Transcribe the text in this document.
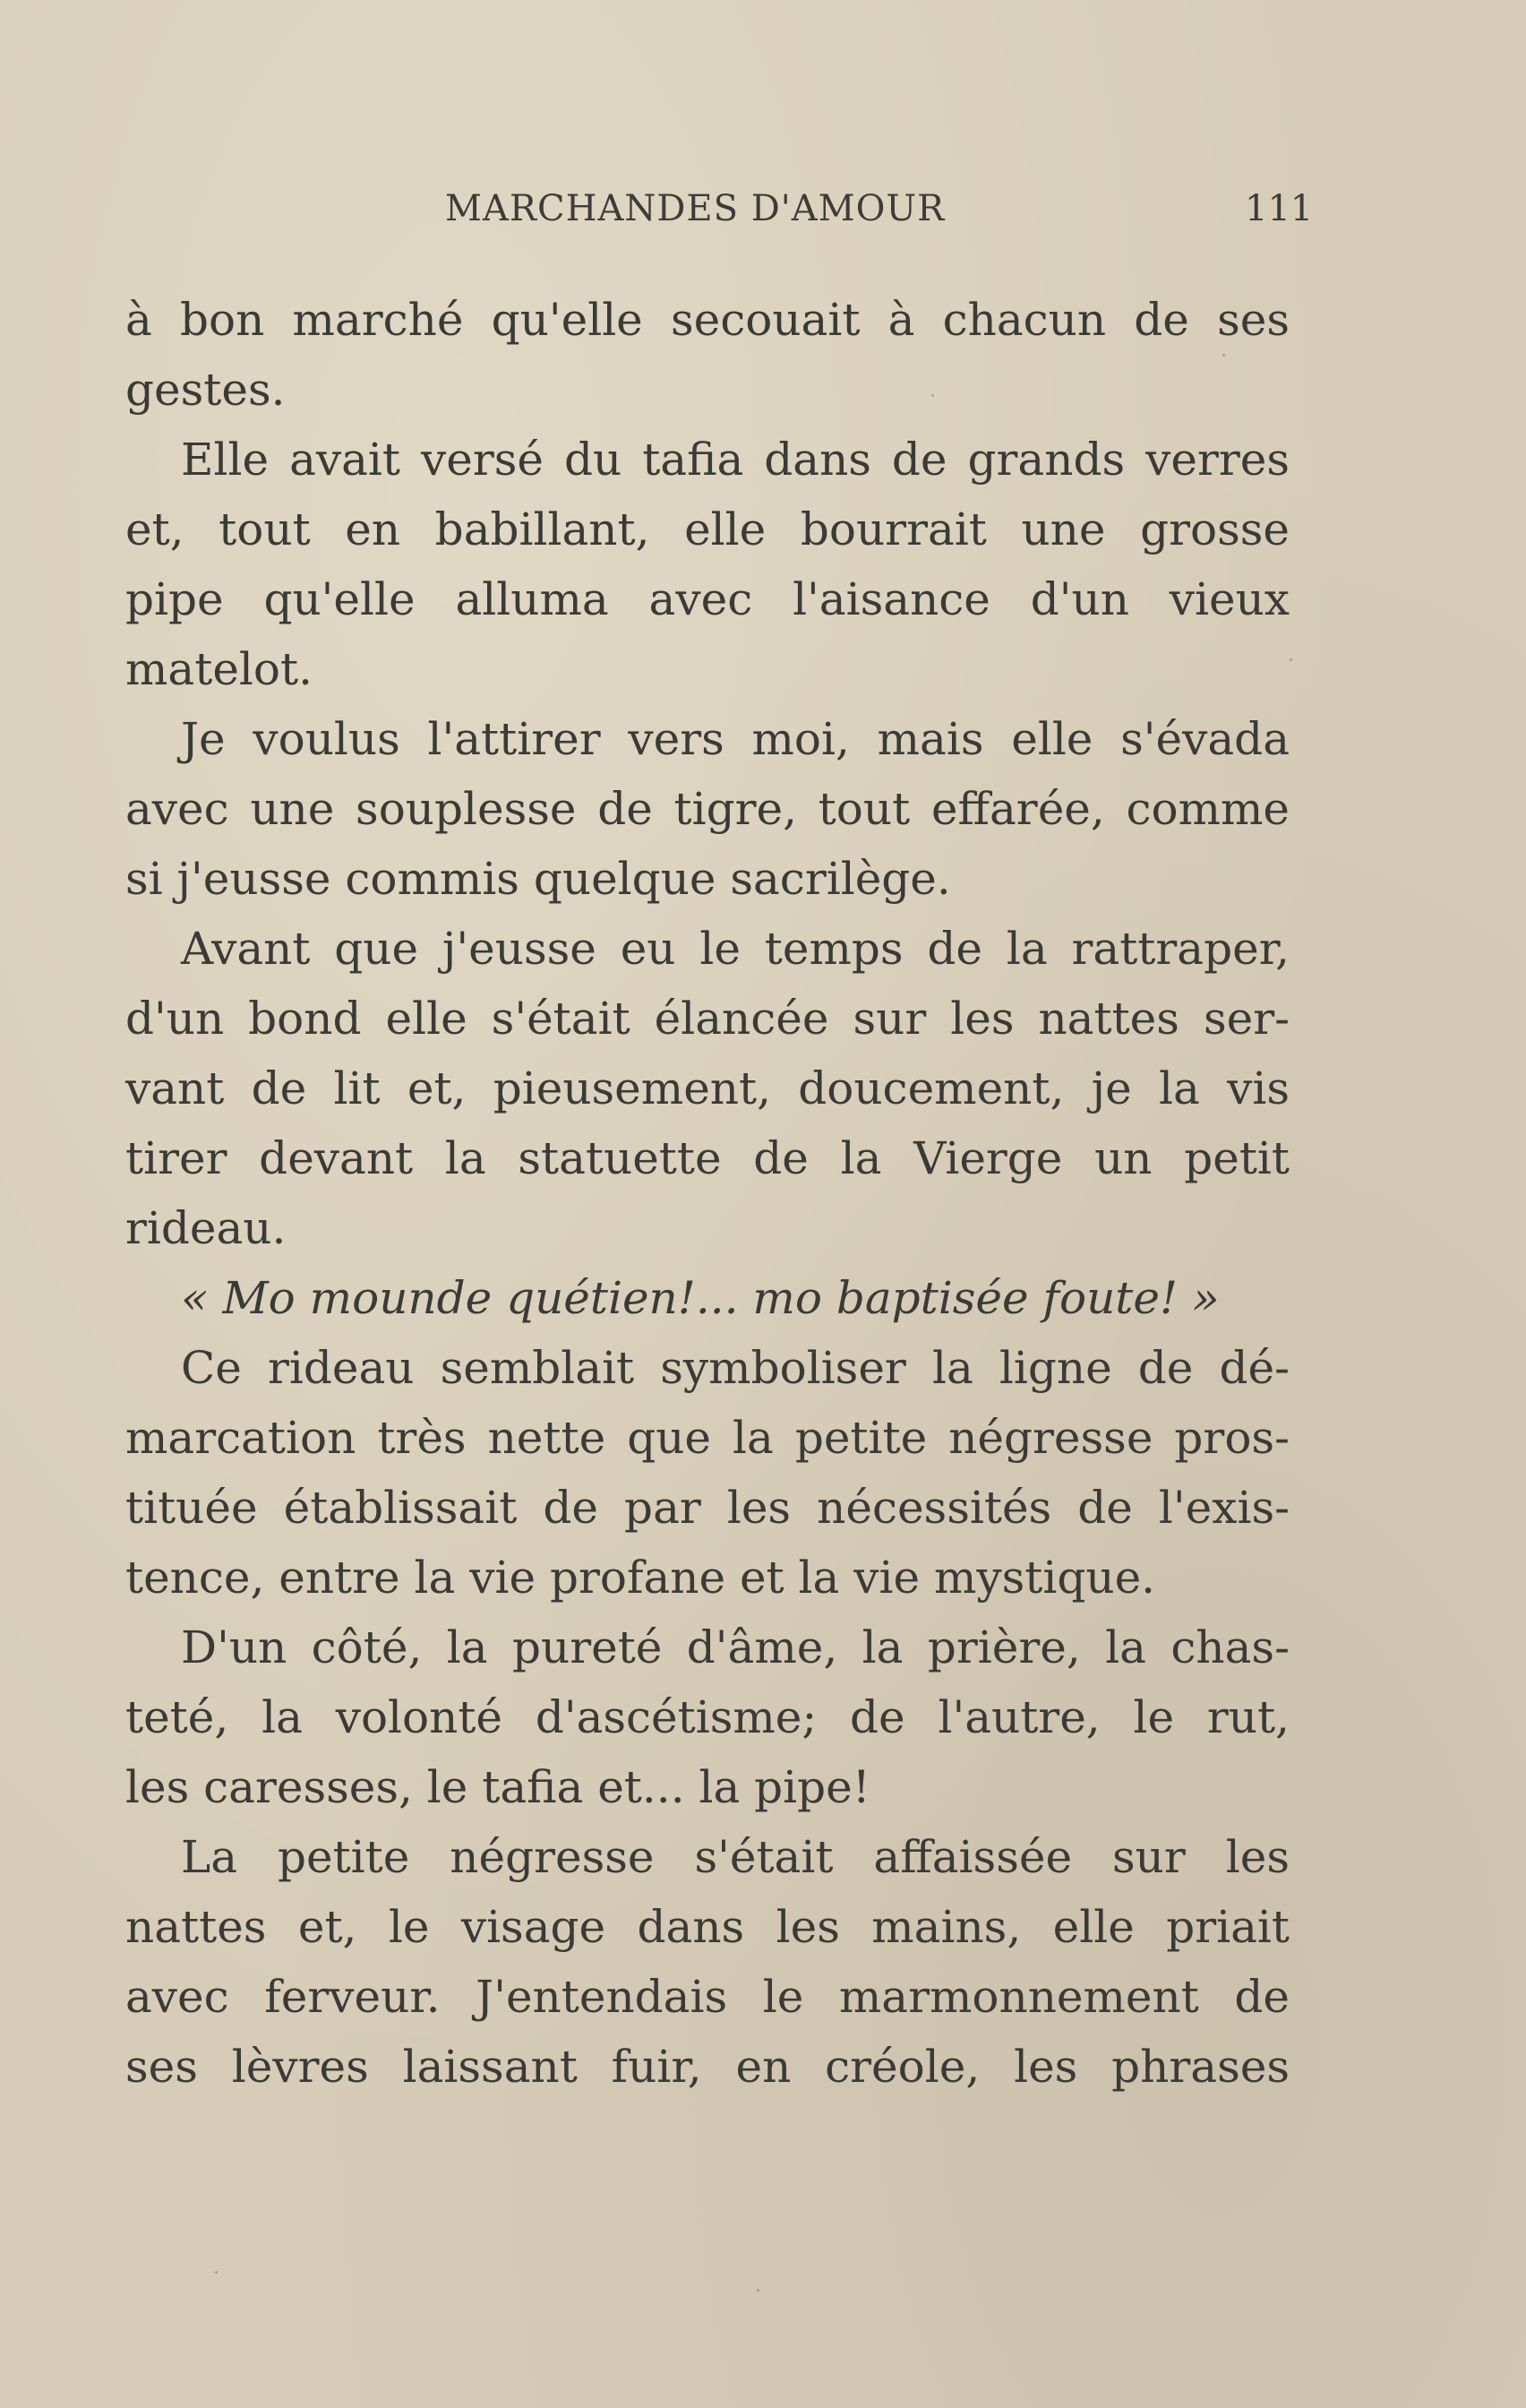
MARCHANDES D'AMOUR	111
à bon marché qu'elle secouait à chacun de ses
gestes.
Elle avait versé du tafia dans de grands verres
et, tout en babillant, elle bourrait une grosse
pipe qu'elle alluma avec l'aisance d'un vieux
matelot.
Je voulus l'attirer vers moi, mais elle s'évada
avec une souplesse de tigre, tout effarée, comme
si j'eusse commis quelque sacrilège.
Avant que j'eusse eu le temps de la rattraper,
d'un bond elle s'était élancée sur les nattes ser-
vant de lit et, pieusement, doucement, je la vis
tirer devant la statuette de la Vierge un petit
rideau.
« Mo mounde quétien!... mo baptisée foute! »
Ce rideau semblait symboliser la ligne de dé-
marcation très nette que la petite négresse pros-
tituée établissait de par les nécessités de l'exis-
tence, entre la vie profane et la vie mystique.
D'un côté, la pureté d'âme, la prière, la chas-
teté, la volonté d'ascétisme; de l'autre, le rut,
les caresses, le tafia et... la pipe!
La petite négresse s'était affaissée sur les
nattes et, le visage dans les mains, elle priait
avec ferveur. J'entendais le marmonnement de
ses lèvres laissant fuir, en créole, les phrases
